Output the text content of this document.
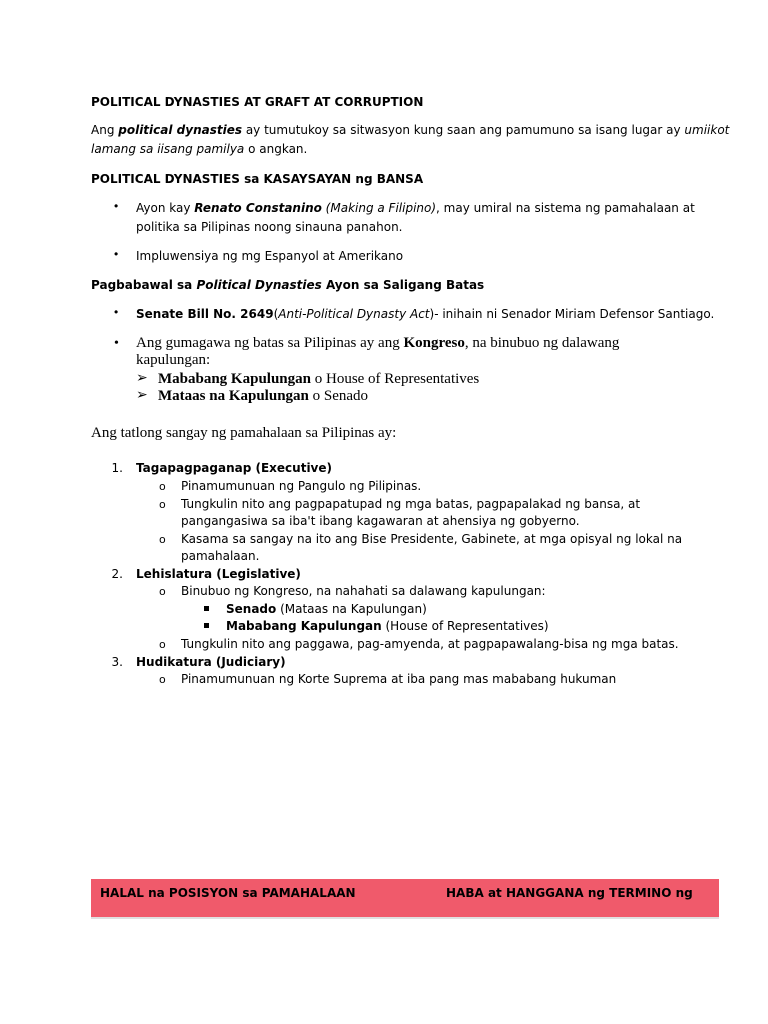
POLITICAL DYNASTIES AT GRAFT AT CORRUPTION
Ang political dynasties ay tumutukoy sa sitwasyon kung saan ang pamumuno sa isang lugar ay umiikot
lamang sa iisang pamilya o angkan.
POLITICAL DYNASTIES sa KASAYSAYAN ng BANSA
• Ayon kay Renato Constanino (Making a Filipino), may umiral na sistema ng pamahalaan at
politika sa Pilipinas noong sinauna panahon.
• Impluwensiya ng mg Espanyol at Amerikano
Pagbabawal sa Political Dynasties Ayon sa Saligang Batas
• Senate Bill No. 2649(Anti-Political Dynasty Act)- inihain ni Senador Miriam Defensor Santiago.
• Ang gumagawa ng batas sa Pilipinas ay ang Kongreso, na binubuo ng dalawang
kapulungan:
➢ Mababang Kapulungan o House of Representatives
➢ Mataas na Kapulungan o Senado
Ang tatlong sangay ng pamahalaan sa Pilipinas ay:
1. Tagapagpaganap (Executive)
o Pinamumunuan ng Pangulo ng Pilipinas.
o Tungkulin nito ang pagpapatupad ng mga batas, pagpapalakad ng bansa, at
pangangasiwa sa iba't ibang kagawaran at ahensiya ng gobyerno.
o Kasama sa sangay na ito ang Bise Presidente, Gabinete, at mga opisyal ng lokal na
pamahalaan.
2. Lehislatura (Legislative)
o Binubuo ng Kongreso, na nahahati sa dalawang kapulungan:
Senado (Mataas na Kapulungan)
Mababang Kapulungan (House of Representatives)
o Tungkulin nito ang paggawa, pag-amyenda, at pagpapawalang-bisa ng mga batas.
3. Hudikatura (Judiciary)
o Pinamumunuan ng Korte Suprema at iba pang mas mababang hukuman
HALAL na POSISYON sa PAMAHALAAN	HABA at HANGGANA ng TERMINO ng
